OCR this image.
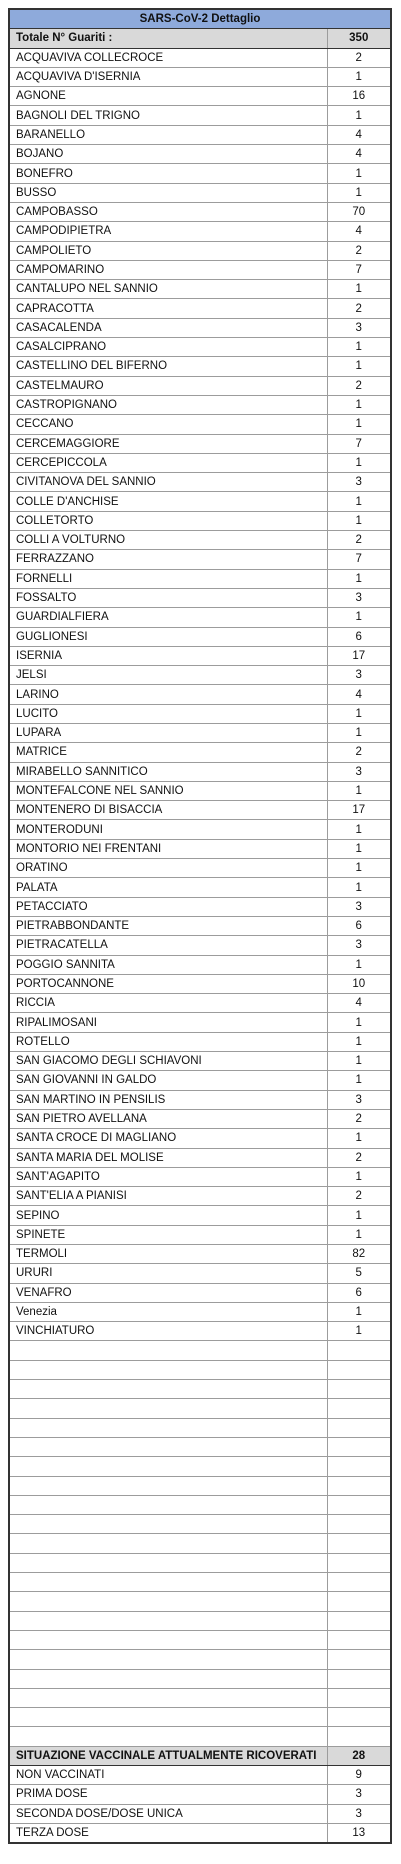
SARS-CoV-2 Dettaglio	
Totale N° Guariti :	350
ACQUAVIVA COLLECROCE	2
ACQUAVIVA D'ISERNIA	1
AGNONE	16
BAGNOLI DEL TRIGNO	1
BARANELLO	4
BOJANO	4
BONEFRO	1
BUSSO	1
CAMPOBASSO	70
CAMPODIPIETRA	4
CAMPOLIETO	2
CAMPOMARINO	7
CANTALUPO NEL SANNIO	1
CAPRACOTTA	2
CASACALENDA	3
CASALCIPRANO	1
CASTELLINO DEL BIFERNO	1
CASTELMAURO	2
CASTROPIGNANO	1
CECCANO	1
CERCEMAGGIORE	7
CERCEPICCOLA	1
CIVITANOVA DEL SANNIO	3
COLLE D'ANCHISE	1
COLLETORTO	1
COLLI A VOLTURNO	2
FERRAZZANO	7
FORNELLI	1
FOSSALTO	3
GUARDIALFIERA	1
GUGLIONESI	6
ISERNIA	17
JELSI	3
LARINO	4
LUCITO	1
LUPARA	1
MATRICE	2
MIRABELLO SANNITICO	3
MONTEFALCONE NEL SANNIO	1
MONTENERO DI BISACCIA	17
MONTERODUNI	1
MONTORIO NEI FRENTANI	1
ORATINO	1
PALATA	1
PETACCIATO	3
PIETRABBONDANTE	6
PIETRACATELLA	3
POGGIO SANNITA	1
PORTOCANNONE	10
RICCIA	4
RIPALIMOSANI	1
ROTELLO	1
SAN GIACOMO DEGLI SCHIAVONI	1
SAN GIOVANNI IN GALDO	1
SAN MARTINO IN PENSILIS	3
SAN PIETRO AVELLANA	2
SANTA CROCE DI MAGLIANO	1
SANTA MARIA DEL MOLISE	2
SANT'AGAPITO	1
SANT'ELIA A PIANISI	2
SEPINO	1
SPINETE	1
TERMOLI	82
URURI	5
VENAFRO	6
Venezia	1
VINCHIATURO	1

SITUAZIONE VACCINALE ATTUALMENTE RICOVERATI	28
NON VACCINATI	9
PRIMA DOSE	3
SECONDA DOSE/DOSE UNICA	3
TERZA DOSE	13
